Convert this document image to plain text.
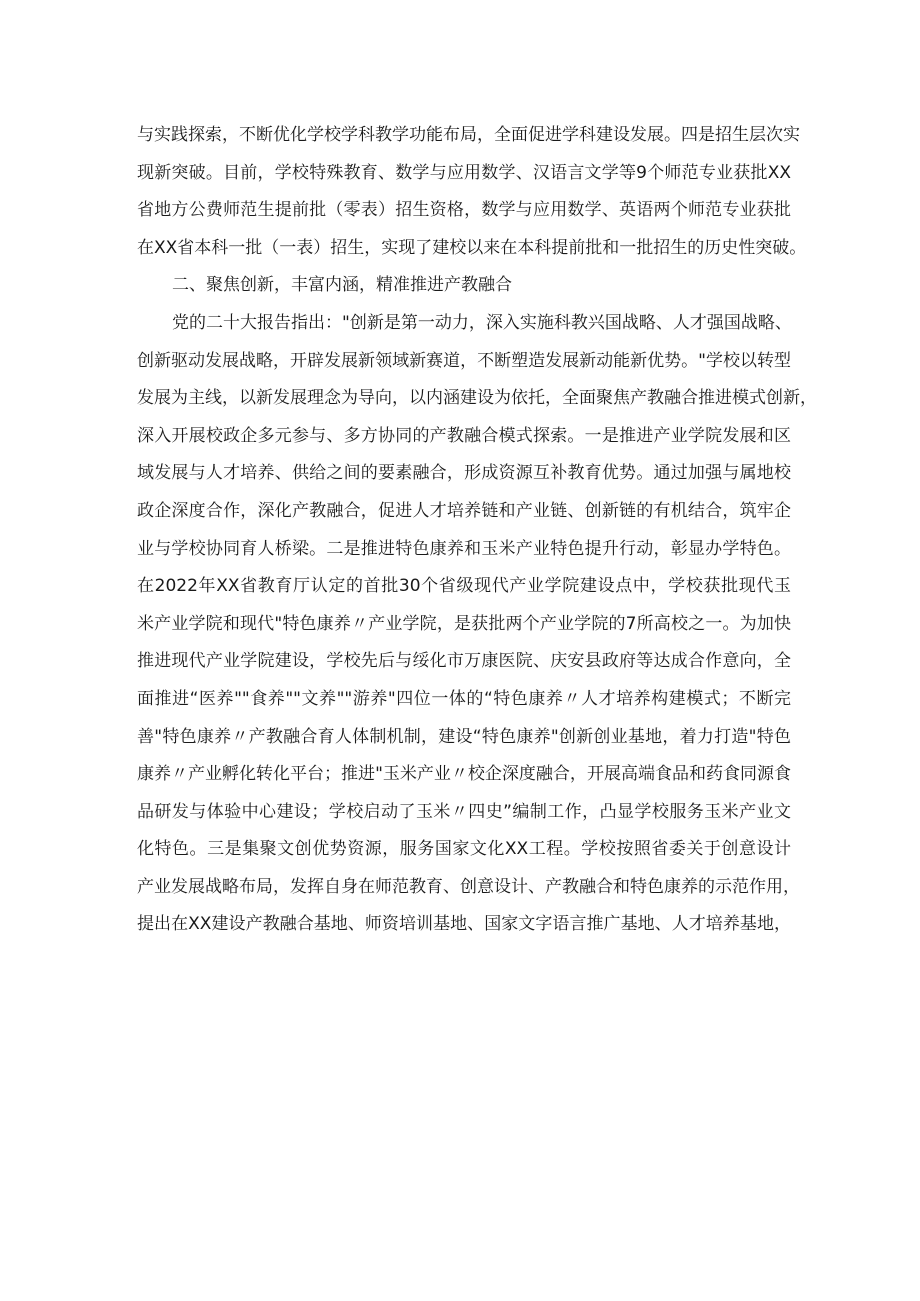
与实践探索，不断优化学校学科教学功能布局，全面促进学科建设发展。四是招生层次实
现新突破。目前，学校特殊教育、数学与应用数学、汉语言文学等9个师范专业获批XX
省地方公费师范生提前批（零表）招生资格，数学与应用数学、英语两个师范专业获批
在XX省本科一批（一表）招生，实现了建校以来在本科提前批和一批招生的历史性突破。
二、聚焦创新，丰富内涵，精准推进产教融合
党的二十大报告指出："创新是第一动力，深入实施科教兴国战略、人才强国战略、
创新驱动发展战略，开辟发展新领域新赛道，不断塑造发展新动能新优势。"学校以转型
发展为主线，以新发展理念为导向，以内涵建设为依托，全面聚焦产教融合推进模式创新，
深入开展校政企多元参与、多方协同的产教融合模式探索。一是推进产业学院发展和区
域发展与人才培养、供给之间的要素融合，形成资源互补教育优势。通过加强与属地校
政企深度合作，深化产教融合，促进人才培养链和产业链、创新链的有机结合，筑牢企
业与学校协同育人桥梁。二是推进特色康养和玉米产业特色提升行动，彰显办学特色。
在2022年XX省教育厅认定的首批30个省级现代产业学院建设点中，学校获批现代玉
米产业学院和现代"特色康养〃产业学院，是获批两个产业学院的7所高校之一。为加快
推进现代产业学院建设，学校先后与绥化市万康医院、庆安县政府等达成合作意向，全
面推进“医养""食养""文养""游养"四位一体的“特色康养〃人才培养构建模式；不断完
善"特色康养〃产教融合育人体制机制，建设“特色康养"创新创业基地，着力打造"特色
康养〃产业孵化转化平台；推进"玉米产业〃校企深度融合，开展高端食品和药食同源食
品研发与体验中心建设；学校启动了玉米〃四史”编制工作，凸显学校服务玉米产业文
化特色。三是集聚文创优势资源，服务国家文化XX工程。学校按照省委关于创意设计
产业发展战略布局，发挥自身在师范教育、创意设计、产教融合和特色康养的示范作用，
提出在XX建设产教融合基地、师资培训基地、国家文字语言推广基地、人才培养基地，
